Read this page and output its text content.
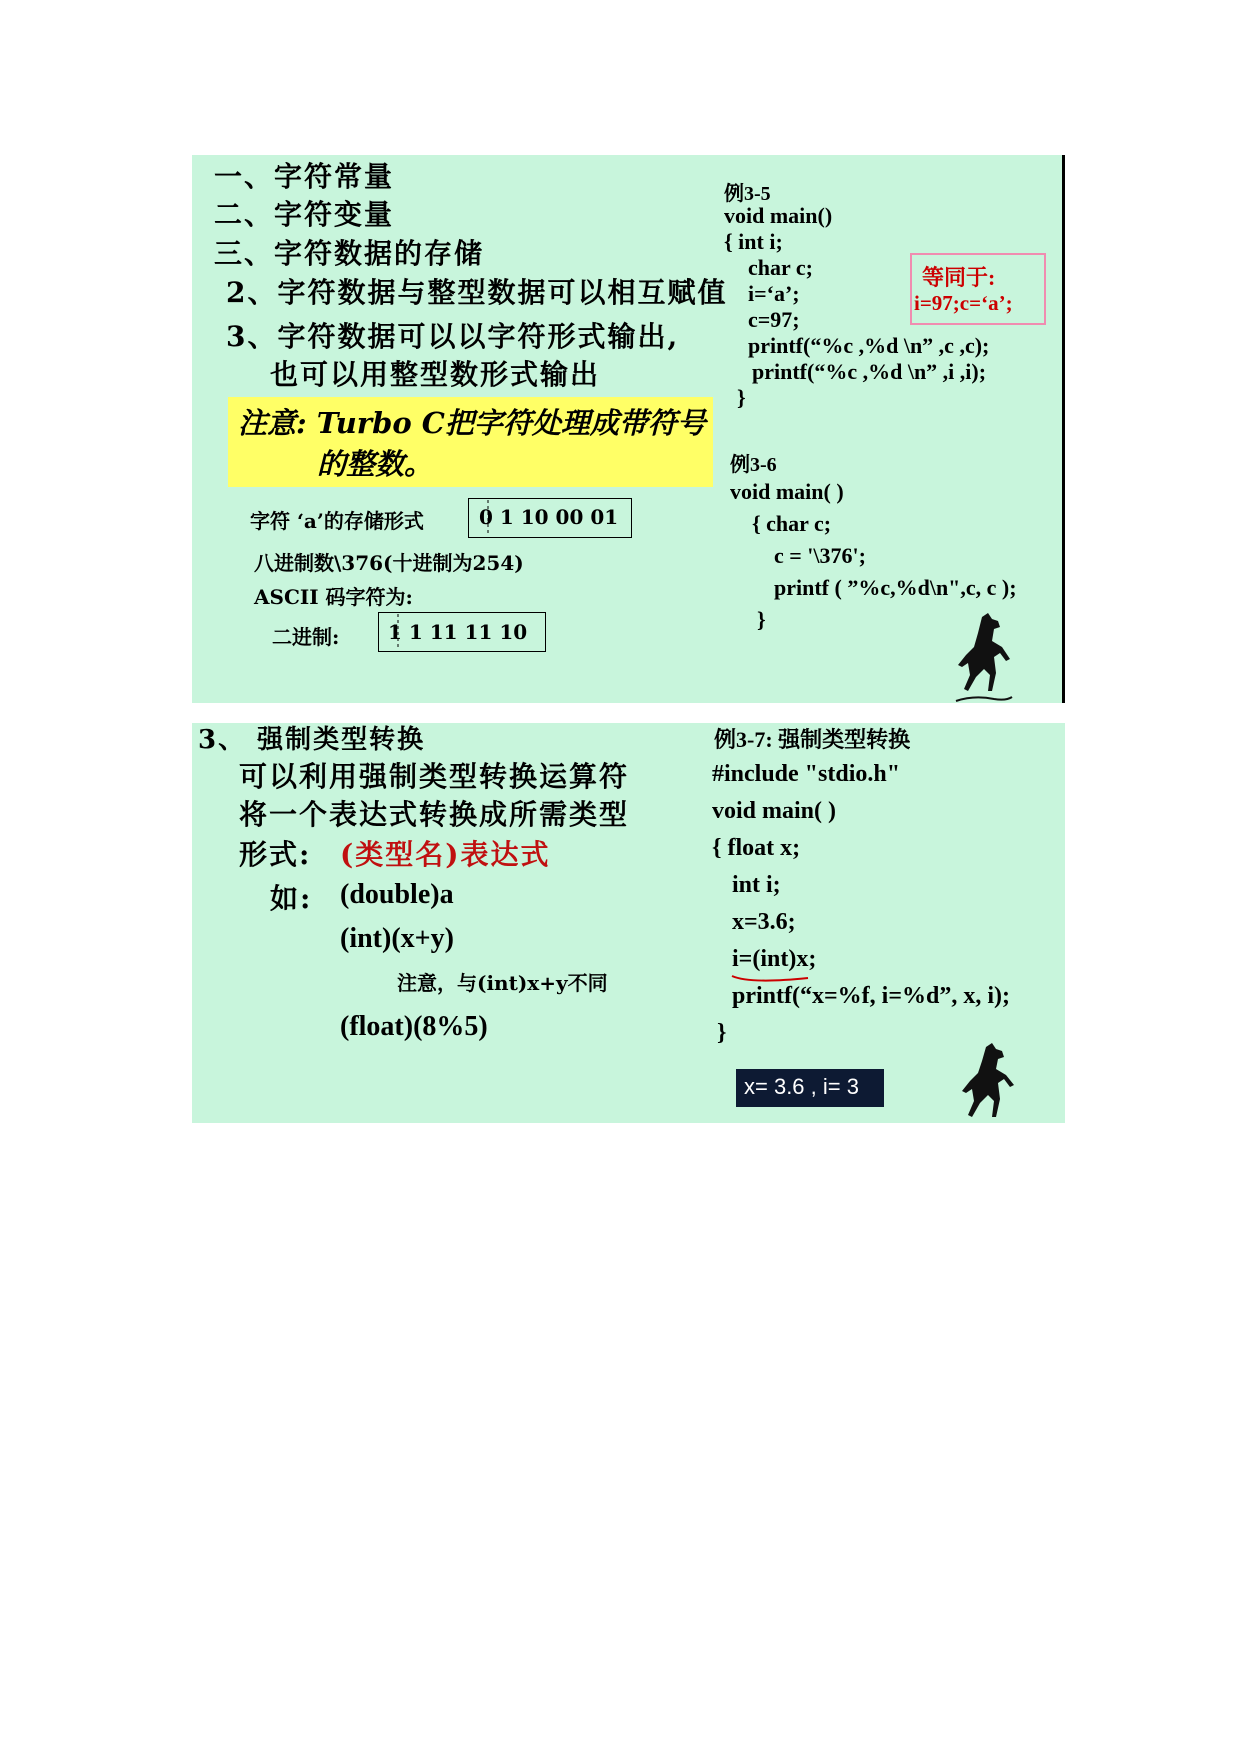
一、字符常量
二、字符变量
三、字符数据的存储
2、字符数据与整型数据可以相互赋值
3、字符数据可以以字符形式输出,
也可以用整型数形式输出
注意: Turbo C把字符处理成带符号
的整数。
字符 ‘a’的存储形式	0 1 10 00 01
八进制数\376(十进制为254)
ASCII 码字符为:
二进制: 1 1 11 11 10
例3-5
void main()
{ int i;
char c;
i=‘a’;
c=97;
printf(“%c ,%d \n” ,c ,c);
printf(“%c ,%d \n” ,i ,i);
}
等同于:
i=97;c=‘a’;
例3-6
void main( )
{ char c;
c = '\376';
printf ( ”%c,%d\n",c, c );
}
3、 强制类型转换
可以利用强制类型转换运算符
将一个表达式转换成所需类型
形式: (类型名)表达式
如: (double)a
(int)(x+y)
注意，与(int)x+y不同
(float)(8%5)
例3-7: 强制类型转换
#include "stdio.h"
void main( )
{ float x;
int i;
x=3.6;
i=(int)x;
printf(“x=%f, i=%d”, x, i);
}
x= 3.6 , i= 3
